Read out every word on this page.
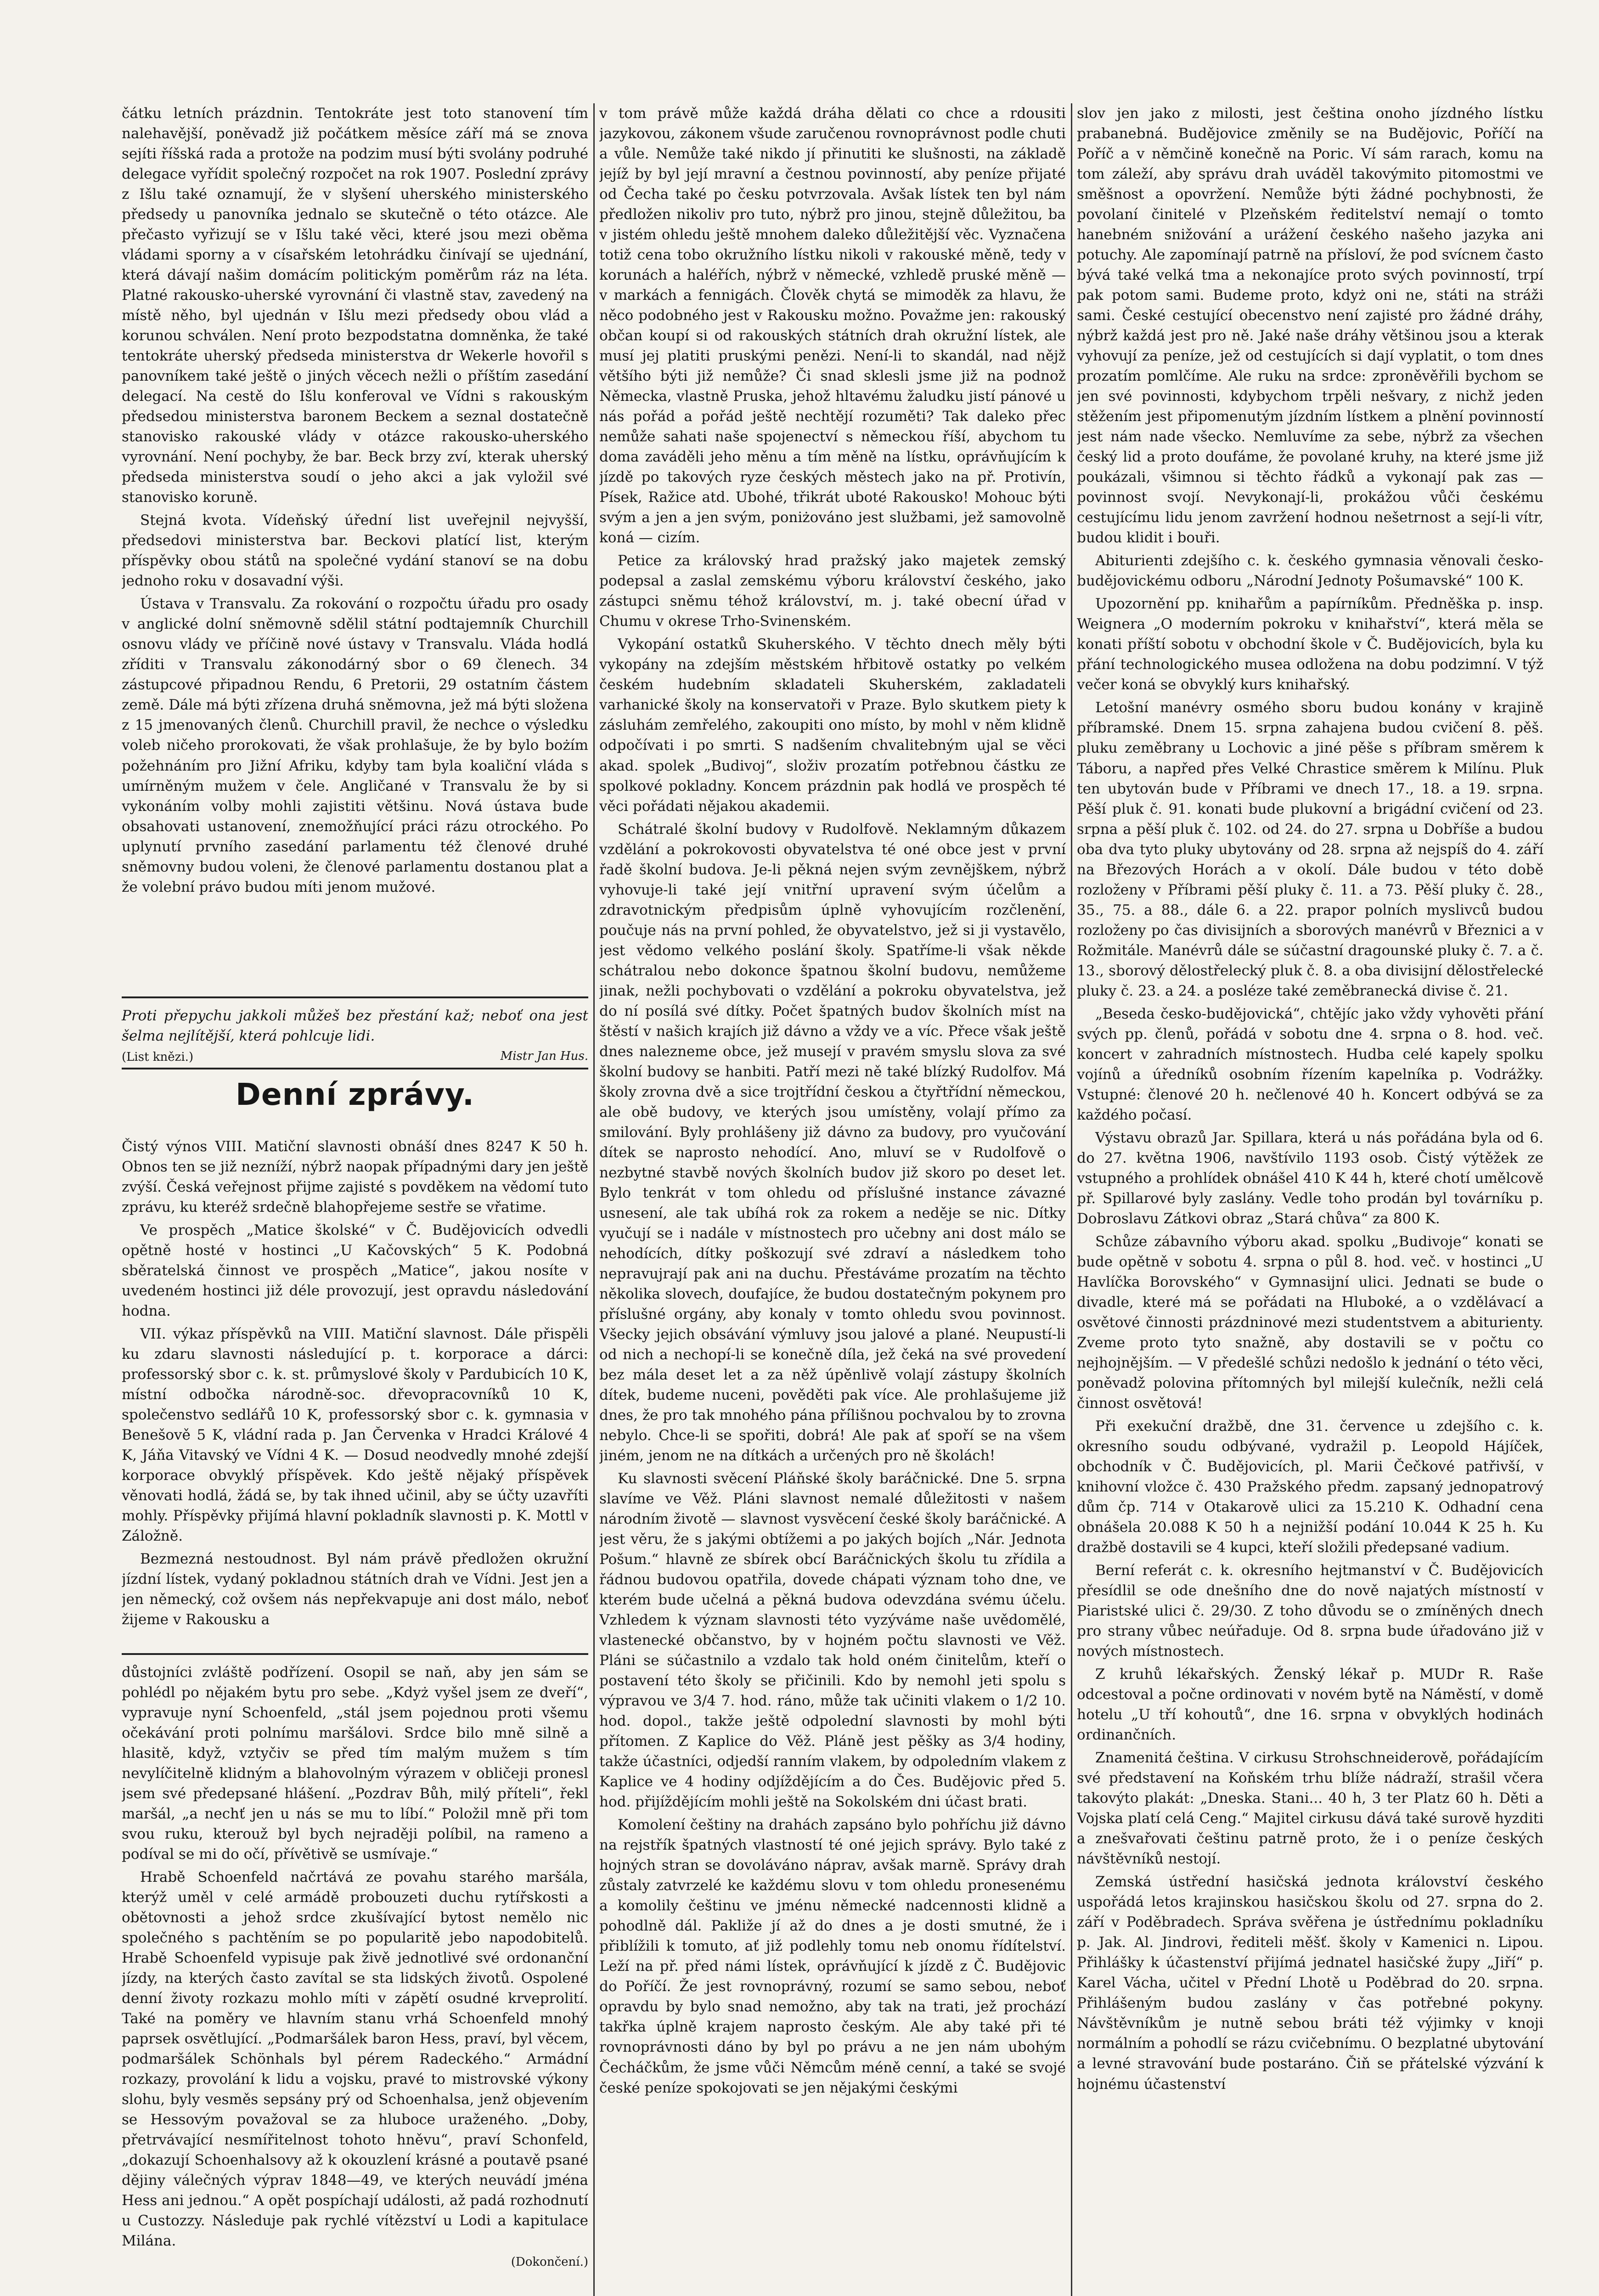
čátku letních prázdnin. Tentokráte jest toto stanovení tím nalehavější, poněvadž již počátkem měsíce září má se znova sejíti říšská rada a protože na podzim musí býti svolány podruhé delegace vyřídit společný rozpočet na rok 1907. Poslední zprávy z Išlu také oznamují, že v slyšení uherského ministerského předsedy u panovníka jednalo se skutečně o této otázce. Ale přečasto vyřizují se v Išlu také věci, které jsou mezi oběma vládami sporny a v císařském letohrádku činívají se ujednání, která dávají našim domácím politickým poměrům ráz na léta. Platné rakousko-uherské vyrovnání či vlastně stav, zavedený na místě něho, byl ujednán v Išlu mezi předsedy obou vlád a korunou schválen. Není proto bezpodstatna domněnka, že také tentokráte uherský předseda ministerstva dr Wekerle hovořil s panovníkem také ještě o jiných věcech nežli o příštím zasedání delegací. Na cestě do Išlu konferoval ve Vídni s rakouským předsedou ministerstva baronem Beckem a seznal dostatečně stanovisko rakouské vlády v otázce rakousko-uherského vyrovnání. Není pochyby, že bar. Beck brzy zví, kterak uherský předseda ministerstva soudí o jeho akci a jak vyložil své stanovisko koruně.

Stejná kvota. Vídeňský úřední list uveřejnil nejvyšší, předsedovi ministerstva bar. Beckovi platící list, kterým příspěvky obou států na společné vydání stanoví se na dobu jednoho roku v dosavadní výši.

Ústava v Transvalu. Za rokování o rozpočtu úřadu pro osady v anglické dolní sněmovně sdělil státní podtajemník Churchill osnovu vlády ve příčině nové ústavy v Transvalu. Vláda hodlá zříditi v Transvalu zákonodárný sbor o 69 členech. 34 zástupcové připadnou Rendu, 6 Pretorii, 29 ostatním částem země. Dále má býti zřízena druhá sněmovna, jež má býti složena z 15 jmenovaných členů. Churchill pravil, že nechce o výsledku voleb ničeho prorokovati, že však prohlašuje, že by bylo bożím požehnáním pro Jižní Afriku, kdyby tam byla koaliční vláda s umírněným mužem v čele. Angličané v Transvalu že by si vykonáním volby mohli zajistiti většinu. Nová ústava bude obsahovati ustanovení, znemožňující práci rázu otrockého. Po uplynutí prvního zasedání parlamentu též členové druhé sněmovny budou voleni, že členové parlamentu dostanou plat a že volební právo budou míti jenom mužové.

Proti přepychu jakkoli můžeš bez přestání kaž; neboť ona jest šelma nejlítější, která pohlcuje lidi.
(List knězi.)	Mistr Jan Hus.
Denní zprávy.

Čistý výnos VIII. Matiční slavnosti obnáší dnes 8247 K 50 h. Obnos ten se již nezníží, nýbrž naopak případnými dary jen ještě zvýší. Česká veřejnost přijme zajisté s povděkem na vědomí tuto zprávu, ku kteréž srdečně blahopřejeme sestře se vřatime.

Ve prospěch „Matice školské“ v Č. Budějovicích odvedli opětně hosté v hostinci „U Kačovských“ 5 K. Podobná sběratelská činnost ve prospěch „Matice“, jakou nosíte v uvedeném hostinci již déle provozují, jest opravdu následování hodna.

VII. výkaz příspěvků na VIII. Matiční slavnost. Dále přispěli ku zdaru slavnosti následující p. t. korporace a dárci: professorský sbor c. k. st. průmyslové školy v Pardubicích 10 K, místní odbočka národně-soc. dřevopracovníků 10 K, společenstvo sedlářů 10 K, professorský sbor c. k. gymnasia v Benešově 5 K, vládní rada p. Jan Červenka v Hradci Králové 4 K, Jáňa Vitavský ve Vídni 4 K. — Dosud neodvedly mnohé zdejší korporace obvyklý příspěvek. Kdo ještě nějaký příspěvek věnovati hodlá, žádá se, by tak ihned učinil, aby se účty uzavříti mohly. Příspěvky přijímá hlavní pokladník slavnosti p. K. Mottl v Záložně.

Bezmezná nestoudnost. Byl nám právě předložen okružní jízdní lístek, vydaný pokladnou státních drah ve Vídni. Jest jen a jen německý, což ovšem nás nepřekvapuje ani dost málo, neboť žijeme v Rakousku a

důstojníci zvláště podřízení. Osopil se naň, aby jen sám se pohlédl po nějakém bytu pro sebe. „Kdyż vyšel jsem ze dveří“, vypravuje nyní Schoenfeld, „stál jsem pojednou proti všemu očekávání proti polnímu maršálovi. Srdce bilo mně silně a hlasitě, když, vztyčiv se před tím malým mužem s tím nevylíčitelně klidným a blahovolným výrazem v obličeji pronesl jsem své předepsané hlášení. „Pozdrav Bůh, milý příteli“, řekl maršál, „a nechť jen u nás se mu to líbí.“ Položil mně při tom svou ruku, kterouž byl bych nejraději políbil, na rameno a podíval se mi do očí, přívětivě se usmívaje.“

Hrabě Schoenfeld načrtává ze povahu starého maršála, kterýž uměl v celé armádě probouzeti duchu rytířskosti a obětovnosti a jehož srdce zkušívající bytost nemělo nic společného s pachtěním se po popularitě jebo napodobitelů. Hrabě Schoenfeld vypisuje pak živě jednotlivé své ordonanční jízdy, na kterých často zavítal se sta lidských životů. Ospolené denní životy rozkazu mohlo míti v zápětí osudné krveprolití. Také na poměry ve hlavním stanu vrhá Schoenfeld mnohý paprsek osvětlující. „Podmaršálek baron Hess, praví, byl věcem, podmaršálek Schönhals byl pérem Radeckého.“ Armádní rozkazy, provolání k lidu a vojsku, pravé to mistrovské výkony slohu, byly vesměs sepsány prý od Schoenhalsa, jenž objevením se Hessovým považoval se za hluboce uraženého. „Doby, přetrvávající nesmířitelnost tohoto hněvu“, praví Schonfeld, „dokazují Schoenhalsovy až k okouzlení krásné a poutavě psané dějiny válečných výprav 1848—49, ve kterých neuvádí jména Hess ani jednou.“ A opět pospíchají události, až padá rozhodnutí u Custozzy. Následuje pak rychlé vítězství u Lodi a kapitulace Milána.

(Dokončení.)

v tom právě může každá dráha dělati co chce a rdousiti jazykovou, zákonem všude zaručenou rovnoprávnost podle chuti a vůle. Nemůže také nikdo jí přinutiti ke slušnosti, na základě jejíž by byl její mravní a čestnou povinností, aby peníze přijaté od Čecha také po česku potvrzovala. Avšak lístek ten byl nám předložen nikoliv pro tuto, nýbrž pro jinou, stejně důležitou, ba v jistém ohledu ještě mnohem daleko důležitější věc. Vyznačena totiž cena tobo okružního lístku nikoli v rakouské měně, tedy v korunách a haléřích, nýbrž v německé, vzhledě pruské měně — v markách a fennigách. Člověk chytá se mimoděk za hlavu, že něco podobného jest v Rakousku možno. Považme jen: rakouský občan koupí si od rakouských státních drah okružní lístek, ale musí jej platiti pruskými penězi. Není-li to skandál, nad nějž většího býti již nemůže? Či snad sklesli jsme již na podnož Německa, vlastně Pruska, jehož hltavému žaludku jistí pánové u nás pořád a pořád ještě nechtějí rozuměti? Tak daleko přec nemůže sahati naše spojenectví s německou říší, abychom tu doma zaváděli jeho měnu a tím měně na lístku, oprávňujícím k jízdě po takových ryze českých městech jako na př. Protivín, Písek, Ražice atd. Ubohé, třikrát uboté Rakousko! Mohouc býti svým a jen a jen svým, poniżováno jest službami, jež samovolně koná — cizím.

Petice za královský hrad pražský jako majetek zemský podepsal a zaslal zemskému výboru království českého, jako zástupci sněmu téhož království, m. j. také obecní úřad v Chumu v okrese Trho-Svinenském.

Vykopání ostatků Skuherského. V těchto dnech měly býti vykopány na zdejším městském hřbitově ostatky po velkém českém hudebním skladateli Skuherském, zakladateli varhanické školy na konservatoři v Praze. Bylo skutkem piety k zásluhám zemřelého, zakoupiti ono místo, by mohl v něm klidně odpočívati i po smrti. S nadšením chvalitebným ujal se věci akad. spolek „Budivoj“, složiv prozatím potřebnou částku ze spolkové pokladny. Koncem prázdnin pak hodlá ve prospěch té věci pořádati nějakou akademii.

Schátralé školní budovy v Rudolfově. Neklamným důkazem vzdělání a pokrokovosti obyvatelstva té oné obce jest v první řadě školní budova. Je-li pěkná nejen svým zevnějškem, nýbrž vyhovuje-li také její vnitřní upravení svým účelům a zdravotnickým předpisům úplně vyhovujícím rozčlenění, poučuje nás na první pohled, že obyvatelstvo, jež si ji vystavělo, jest vědomo velkého poslání školy. Spatříme-li však někde schátralou nebo dokonce špatnou školní budovu, nemůžeme jinak, nežli pochybovati o vzdělání a pokroku obyvatelstva, jež do ní posílá své dítky. Počet špatných budov školních míst na štěstí v našich krajích již dávno a vždy ve a víc. Přece však ještě dnes nalezneme obce, jež musejí v pravém smyslu slova za své školní budovy se hanbiti. Patří mezi ně také blízký Rudolfov. Má školy zrovna dvě a sice trojtřídní českou a čtyřtřídní německou, ale obě budovy, ve kterých jsou umístěny, volají přímo za smilování. Byly prohlášeny již dávno za budovy, pro vyučování dítek se naprosto nehodící. Ano, mluví se v Rudolfově o nezbytné stavbě nových školních budov již skoro po deset let. Bylo tenkrát v tom ohledu od příslušné instance závazné usnesení, ale tak ubíhá rok za rokem a neděje se nic. Dítky vyučují se i nadále v místnostech pro učebny ani dost málo se nehodících, dítky poškozují své zdraví a následkem toho nepravujrají pak ani na duchu. Přestáváme prozatím na těchto několika slovech, doufajíce, že budou dostatečným pokynem pro příslušné orgány, aby konaly v tomto ohledu svou povinnost. Všecky jejich obsávání výmluvy jsou jalové a plané. Neupustí-li od nich a nechopí-li se konečně díla, jež čeká na své provedení bez mála deset let a za něž úpěnlivě volají zástupy školních dítek, budeme nuceni, pověděti pak více. Ale prohlašujeme již dnes, že pro tak mnohého pána přílišnou pochvalou by to zrovna nebylo. Chce-li se spořiti, dobrá! Ale pak ať spoří se na všem jiném, jenom ne na dítkách a určených pro ně školách!

Ku slavnosti svěcení Pláňské školy baráčnické. Dne 5. srpna slavíme ve Věž. Pláni slavnost nemalé důležitosti v našem národním životě — slavnost vysvěcení české školy baráčnické. A jest věru, že s jakými obtížemi a po jakých bojích „Nár. Jednota Pošum.“ hlavně ze sbírek obcí Baráčnických školu tu zřídila a řádnou budovou opatřila, dovede chápati význam toho dne, ve kterém bude učelná a pěkná budova odevzdána svému účelu. Vzhledem k význam slavnosti této vyzýváme naše uvědomělé, vlastenecké občanstvo, by v hojném počtu slavnosti ve Věž. Pláni se súčastnilo a vzdalo tak hold oném činitelům, kteří o postavení této školy se přičinili. Kdo by nemohl jeti spolu s výpravou ve 3/4 7. hod. ráno, může tak učiniti vlakem o 1/2 10. hod. dopol., takže ještě odpolední slavnosti by mohl býti přítomen. Z Kaplice do Věž. Pláně jest pěšky as 3/4 hodiny, takže účastníci, odjedší ranním vlakem, by odpoledním vlakem z Kaplice ve 4 hodiny odjíždějícím a do Čes. Budějovic před 5. hod. přijíždějícím mohli ještě na Sokolském dni účast brati.

Komolení češtiny na drahách zapsáno bylo pohříchu již dávno na rejstřík špatných vlastností té oné jejich správy. Bylo také z hojných stran se dovoláváno náprav, avšak marně. Správy drah zůstaly zatvrzelé ke každému slovu v tom ohledu pronesenému a komolily češtinu ve jménu německé nadcennosti klidně a pohodlně dál. Pakliže jí až do dnes a je dosti smutné, že i přiblížili k tomuto, ať již podlehly tomu neb onomu řídítelství. Leží na př. před námi lístek, oprávňující k jízdě z Č. Budějovic do Poříčí. Že jest rovnoprávný, rozumí se samo sebou, neboť opravdu by bylo snad nemožno, aby tak na trati, jež prochází takřka úplně krajem naprosto českým. Ale aby také při té rovnoprávnosti dáno by byl po právu a ne jen nám ubohým Čecháčkům, že jsme vůči Němcům méně cenní, a také se svojé české peníze spokojovati se jen nějakými českými

slov jen jako z milosti, jest čeština onoho jízdného lístku prabanebná. Budějovice změnily se na Budějovic, Poříčí na Poříč a v němčině konečně na Poric. Ví sám rarach, komu na tom záleží, aby správu drah uváděl takovýmito pitomostmi ve směšnost a opovržení. Nemůže býti žádné pochybnosti, že povolaní činitelé v Plzeňském ředitelství nemají o tomto hanebném snižování a urážení českého našeho jazyka ani potuchy. Ale zapomínají patrně na přísloví, že pod svícnem často bývá také velká tma a nekonajíce proto svých povinností, trpí pak potom sami. Budeme proto, kdyż oni ne, státi na stráži sami. České cestující obecenstvo není zajisté pro žádné dráhy, nýbrž každá jest pro ně. Jaké naše dráhy většinou jsou a kterak vyhovují za peníze, jež od cestujících si dají vyplatit, o tom dnes prozatím pomlčíme. Ale ruku na srdce: zproněvěřili bychom se jen své povinnosti, kdybychom trpěli nešvary, z nichž jeden stěžením jest připomenutým jízdním lístkem a plnění povinností jest nám nade všecko. Nemluvíme za sebe, nýbrž za všechen český lid a proto doufáme, že povolané kruhy, na které jsme již poukázali, všimnou si těchto řádků a vykonají pak zas — povinnost svojí. Nevykonají-li, prokážou vůči českému cestujícímu lidu jenom zavržení hodnou nešetrnost a sejí-li vítr, budou klidit i bouři.

Abiturienti zdejšího c. k. českého gymnasia věnovali česko-budějovickému odboru „Národní Jednoty Pošumavské“ 100 K.

Upozornění pp. knihařům a papírníkům. Předněška p. insp. Weignera „O moderním pokroku v knihařství“, která měla se konati příští sobotu v obchodní škole v Č. Budějovicích, byla ku přání technologického musea odložena na dobu podzimní. V týž večer koná se obvyklý kurs knihařský.

Letošní manévry osmého sboru budou konány v krajině příbramské. Dnem 15. srpna zahajena budou cvičení 8. pěš. pluku zeměbrany u Lochovic a jiné pěše s příbram směrem k Táboru, a napřed přes Velké Chrastice směrem k Milínu. Pluk ten ubytován bude v Příbrami ve dnech 17., 18. a 19. srpna. Pěší pluk č. 91. konati bude plukovní a brigádní cvičení od 23. srpna a pěší pluk č. 102. od 24. do 27. srpna u Dobříše a budou oba dva tyto pluky ubytovány od 28. srpna až nejspíš do 4. září na Březových Horách a v okolí. Dále budou v této době rozloženy v Příbrami pěší pluky č. 11. a 73. Pěší pluky č. 28., 35., 75. a 88., dále 6. a 22. prapor polních myslivců budou rozloženy po čas divisijních a sborových manévrů v Březnici a v Rožmitále. Manévrů dále se súčastní dragounské pluky č. 7. a č. 13., sborový dělostřelecký pluk č. 8. a oba divisijní dělostřelecké pluky č. 23. a 24. a posléze také zeměbranecká divise č. 21.

„Beseda česko-budějovická“, chtějíc jako vždy vyhověti přání svých pp. členů, pořádá v sobotu dne 4. srpna o 8. hod. več. koncert v zahradních místnostech. Hudba celé kapely spolku vojínů a úředníků osobním řízením kapelníka p. Vodrážky. Vstupné: členové 20 h. nečlenové 40 h. Koncert odbývá se za každého počasí.

Výstavu obrazů Jar. Spillara, která u nás pořádána byla od 6. do 27. května 1906, navštívilo 1193 osob. Čistý výtěžek ze vstupného a prohlídek obnášel 410 K 44 h, které chotí umělcově př. Spillarové byly zaslány. Vedle toho prodán byl továrníku p. Dobroslavu Zátkovi obraz „Stará chůva“ za 800 K.

Schůze zábavního výboru akad. spolku „Budivoje“ konati se bude opětně v sobotu 4. srpna o půl 8. hod. več. v hostinci „U Havlíčka Borovského“ v Gymnasijní ulici. Jednati se bude o divadle, které má se pořádati na Hluboké, a o vzdělávací a osvětové činnosti prázdninové mezi studentstvem a abiturienty. Zveme proto tyto snažně, aby dostavili se v počtu co nejhojnějším. — V předešlé schůzi nedošlo k jednání o této věci, poněvadž polovina přítomných byl milejší kulečník, nežli celá činnost osvětová!

Při exekuční dražbě, dne 31. července u zdejšího c. k. okresního soudu odbývané, vydražil p. Leopold Hájíček, obchodník v Č. Budějovicích, pl. Marii Čečkové patřivší, v knihovní vložce č. 430 Pražského předm. zapsaný jednopatrový dům čp. 714 v Otakarově ulici za 15.210 K. Odhadní cena obnášela 20.088 K 50 h a nejnižší podání 10.044 K 25 h. Ku dražbě dostavili se 4 kupci, kteří složili předepsané vadium.

Berní referát c. k. okresního hejtmanství v Č. Budějovicích přesídlil se ode dnešního dne do nově najatých místností v Piaristské ulici č. 29/30. Z toho důvodu se o zmíněných dnech pro strany vůbec neúřaduje. Od 8. srpna bude úřadováno již v nových místnostech.

Z kruhů lékařských. Ženský lékař p. MUDr R. Raše odcestoval a počne ordinovati v novém bytě na Náměstí, v domě hotelu „U tří kohoutů“, dne 16. srpna v obvyklých hodinách ordinančních.

Znamenitá čeština. V cirkusu Strohschneiderově, pořádajícím své představení na Koňském trhu blíže nádraží, strašil včera takovýto plakát: „Dneska. Stani... 40 h, 3 ter Platz 60 h. Děti a Vojska platí celá Ceng.“ Majitel cirkusu dává také surově hyzditi a znešvařovati češtinu patrně proto, že i o peníze českých návštěvníků nestojí.

Zemská ústřední hasičská jednota království českého uspořádá letos krajinskou hasičskou školu od 27. srpna do 2. září v Poděbradech. Správa svěřena je ústřednímu pokladníku p. Jak. Al. Jindrovi, řediteli měšť. školy v Kamenici n. Lipou. Přihlášky k účastenství přijímá jednatel hasičské župy „Jiří“ p. Karel Vácha, učitel v Přední Lhotě u Poděbrad do 20. srpna. Přihlášeným budou zaslány v čas potřebné pokyny. Návštěvníkům je nutně sebou bráti též výjimky v knoji normálním a pohodlí se rázu cvičebnímu. O bezplatné ubytování a levné stravování bude postaráno. Čiň se přátelské výzvání k hojnému účastenství
